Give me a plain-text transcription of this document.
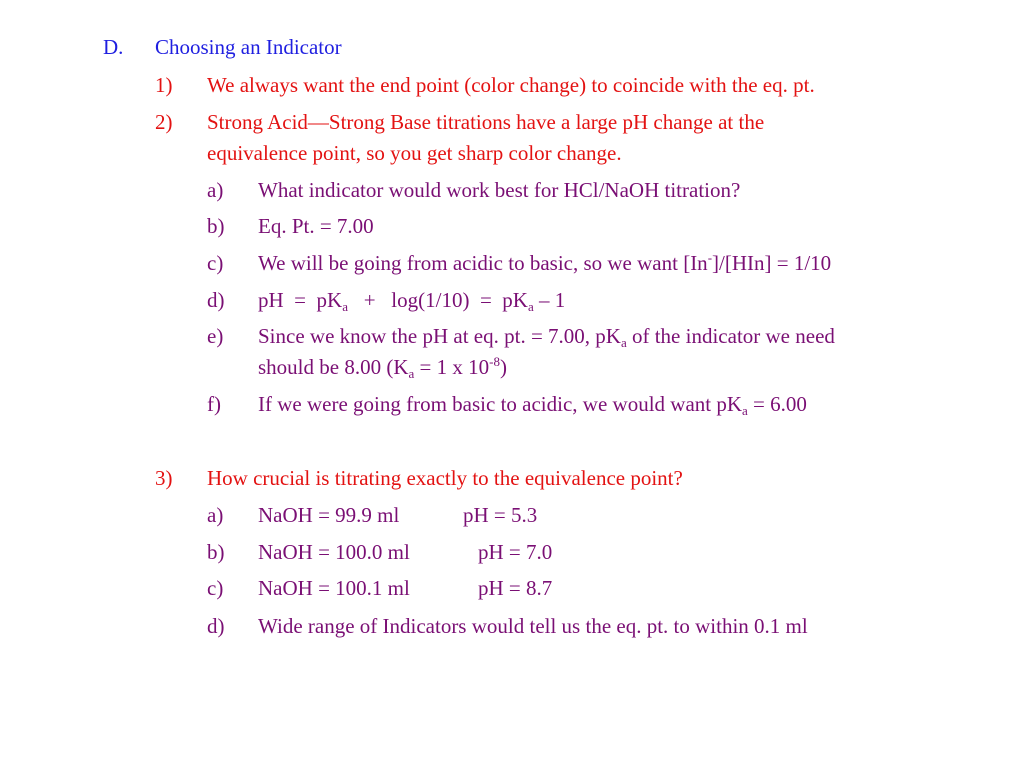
D. Choosing an Indicator
1) We always want the end point (color change) to coincide with the eq. pt.
2) Strong Acid—Strong Base titrations have a large pH change at the
equivalence point, so you get sharp color change.
a) What indicator would work best for HCl/NaOH titration?
b) Eq. Pt. = 7.00
c) We will be going from acidic to basic, so we want [In-]/[HIn] = 1/10
d) pH  =  $pK_a + \log(1/10) = pK_a - 1$
e) Since we know the pH at eq. pt. = 7.00, $pK_a$ of the indicator we need
should be 8.00 ($K_a = 1$ x $10^{-8}$)
f) If we were going from basic to acidic, we would want $pK_a = 6.00$
3) How crucial is titrating exactly to the equivalence point?
a) NaOH = 99.9 ml	pH = 5.3
b) NaOH = 100.0 ml	pH = 7.0
c) NaOH = 100.1 ml	pH = 8.7
d) Wide range of Indicators would tell us the eq. pt. to within 0.1 ml
